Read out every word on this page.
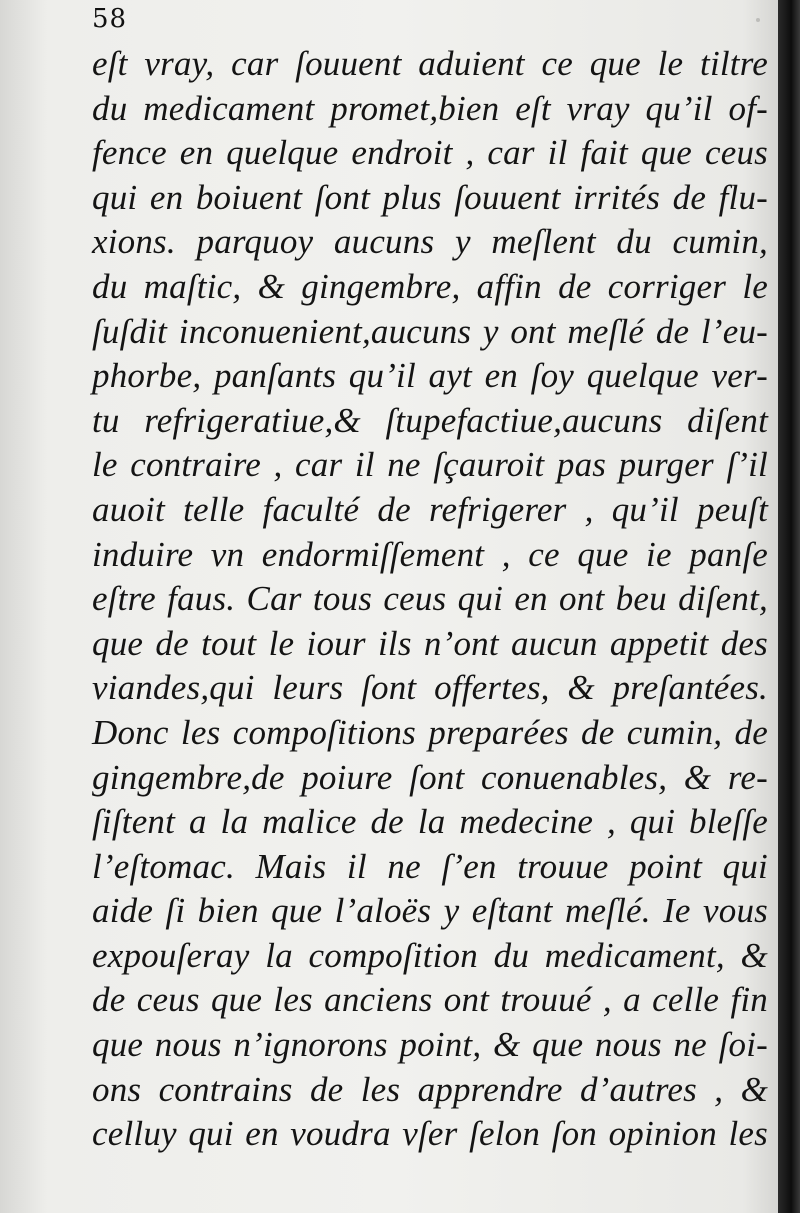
58
eſt vray, car ſouuent aduient ce que le tiltre
du medicament promet,bien eſt vray qu’il of-
fence en quelque endroit , car il fait que ceus
qui en boiuent ſont plus ſouuent irrités de flu-
xions. parquoy aucuns y meſlent du cumin,
du maſtic, & gingembre, affin de corriger le
ſuſdit inconuenient,aucuns y ont meſlé de l’eu-
phorbe, panſants qu’il ayt en ſoy quelque ver-
tu refrigeratiue,& ſtupefactiue,aucuns diſent
le contraire , car il ne ſçauroit pas purger ſ’il
auoit telle faculté de refrigerer , qu’il peuſt
induire vn endormiſſement , ce que ie panſe
eſtre faus. Car tous ceus qui en ont beu diſent,
que de tout le iour ils n’ont aucun appetit des
viandes,qui leurs ſont offertes, & preſantées.
Donc les compoſitions preparées de cumin, de
gingembre,de poiure ſont conuenables, & re-
ſiſtent a la malice de la medecine , qui bleſſe
l’eſtomac. Mais il ne ſ’en trouue point qui
aide ſi bien que l’aloës y eſtant meſlé. Ie vous
expouſeray la compoſition du medicament, &
de ceus que les anciens ont trouué , a celle fin
que nous n’ignorons point, & que nous ne ſoi-
ons contrains de les apprendre d’autres , &
celluy qui en voudra vſer ſelon ſon opinion les
